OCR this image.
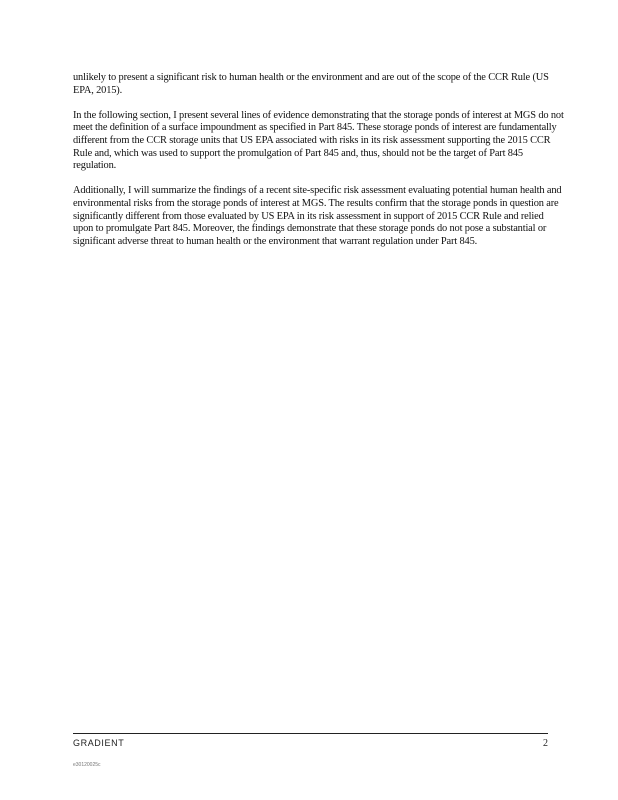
unlikely to present a significant risk to human health or the environment and are out of the scope of the CCR Rule (US EPA, 2015).

In the following section, I present several lines of evidence demonstrating that the storage ponds of interest at MGS do not meet the definition of a surface impoundment as specified in Part 845. These storage ponds of interest are fundamentally different from the CCR storage units that US EPA associated with risks in its risk assessment supporting the 2015 CCR Rule and, which was used to support the promulgation of Part 845 and, thus, should not be the target of Part 845 regulation.

Additionally, I will summarize the findings of a recent site-specific risk assessment evaluating potential human health and environmental risks from the storage ponds of interest at MGS. The results confirm that the storage ponds in question are significantly different from those evaluated by US EPA in its risk assessment in support of 2015 CCR Rule and relied upon to promulgate Part 845. Moreover, the findings demonstrate that these storage ponds do not pose a substantial or significant adverse threat to human health or the environment that warrant regulation under Part 845.

GRADIENT	2
e30120025c
